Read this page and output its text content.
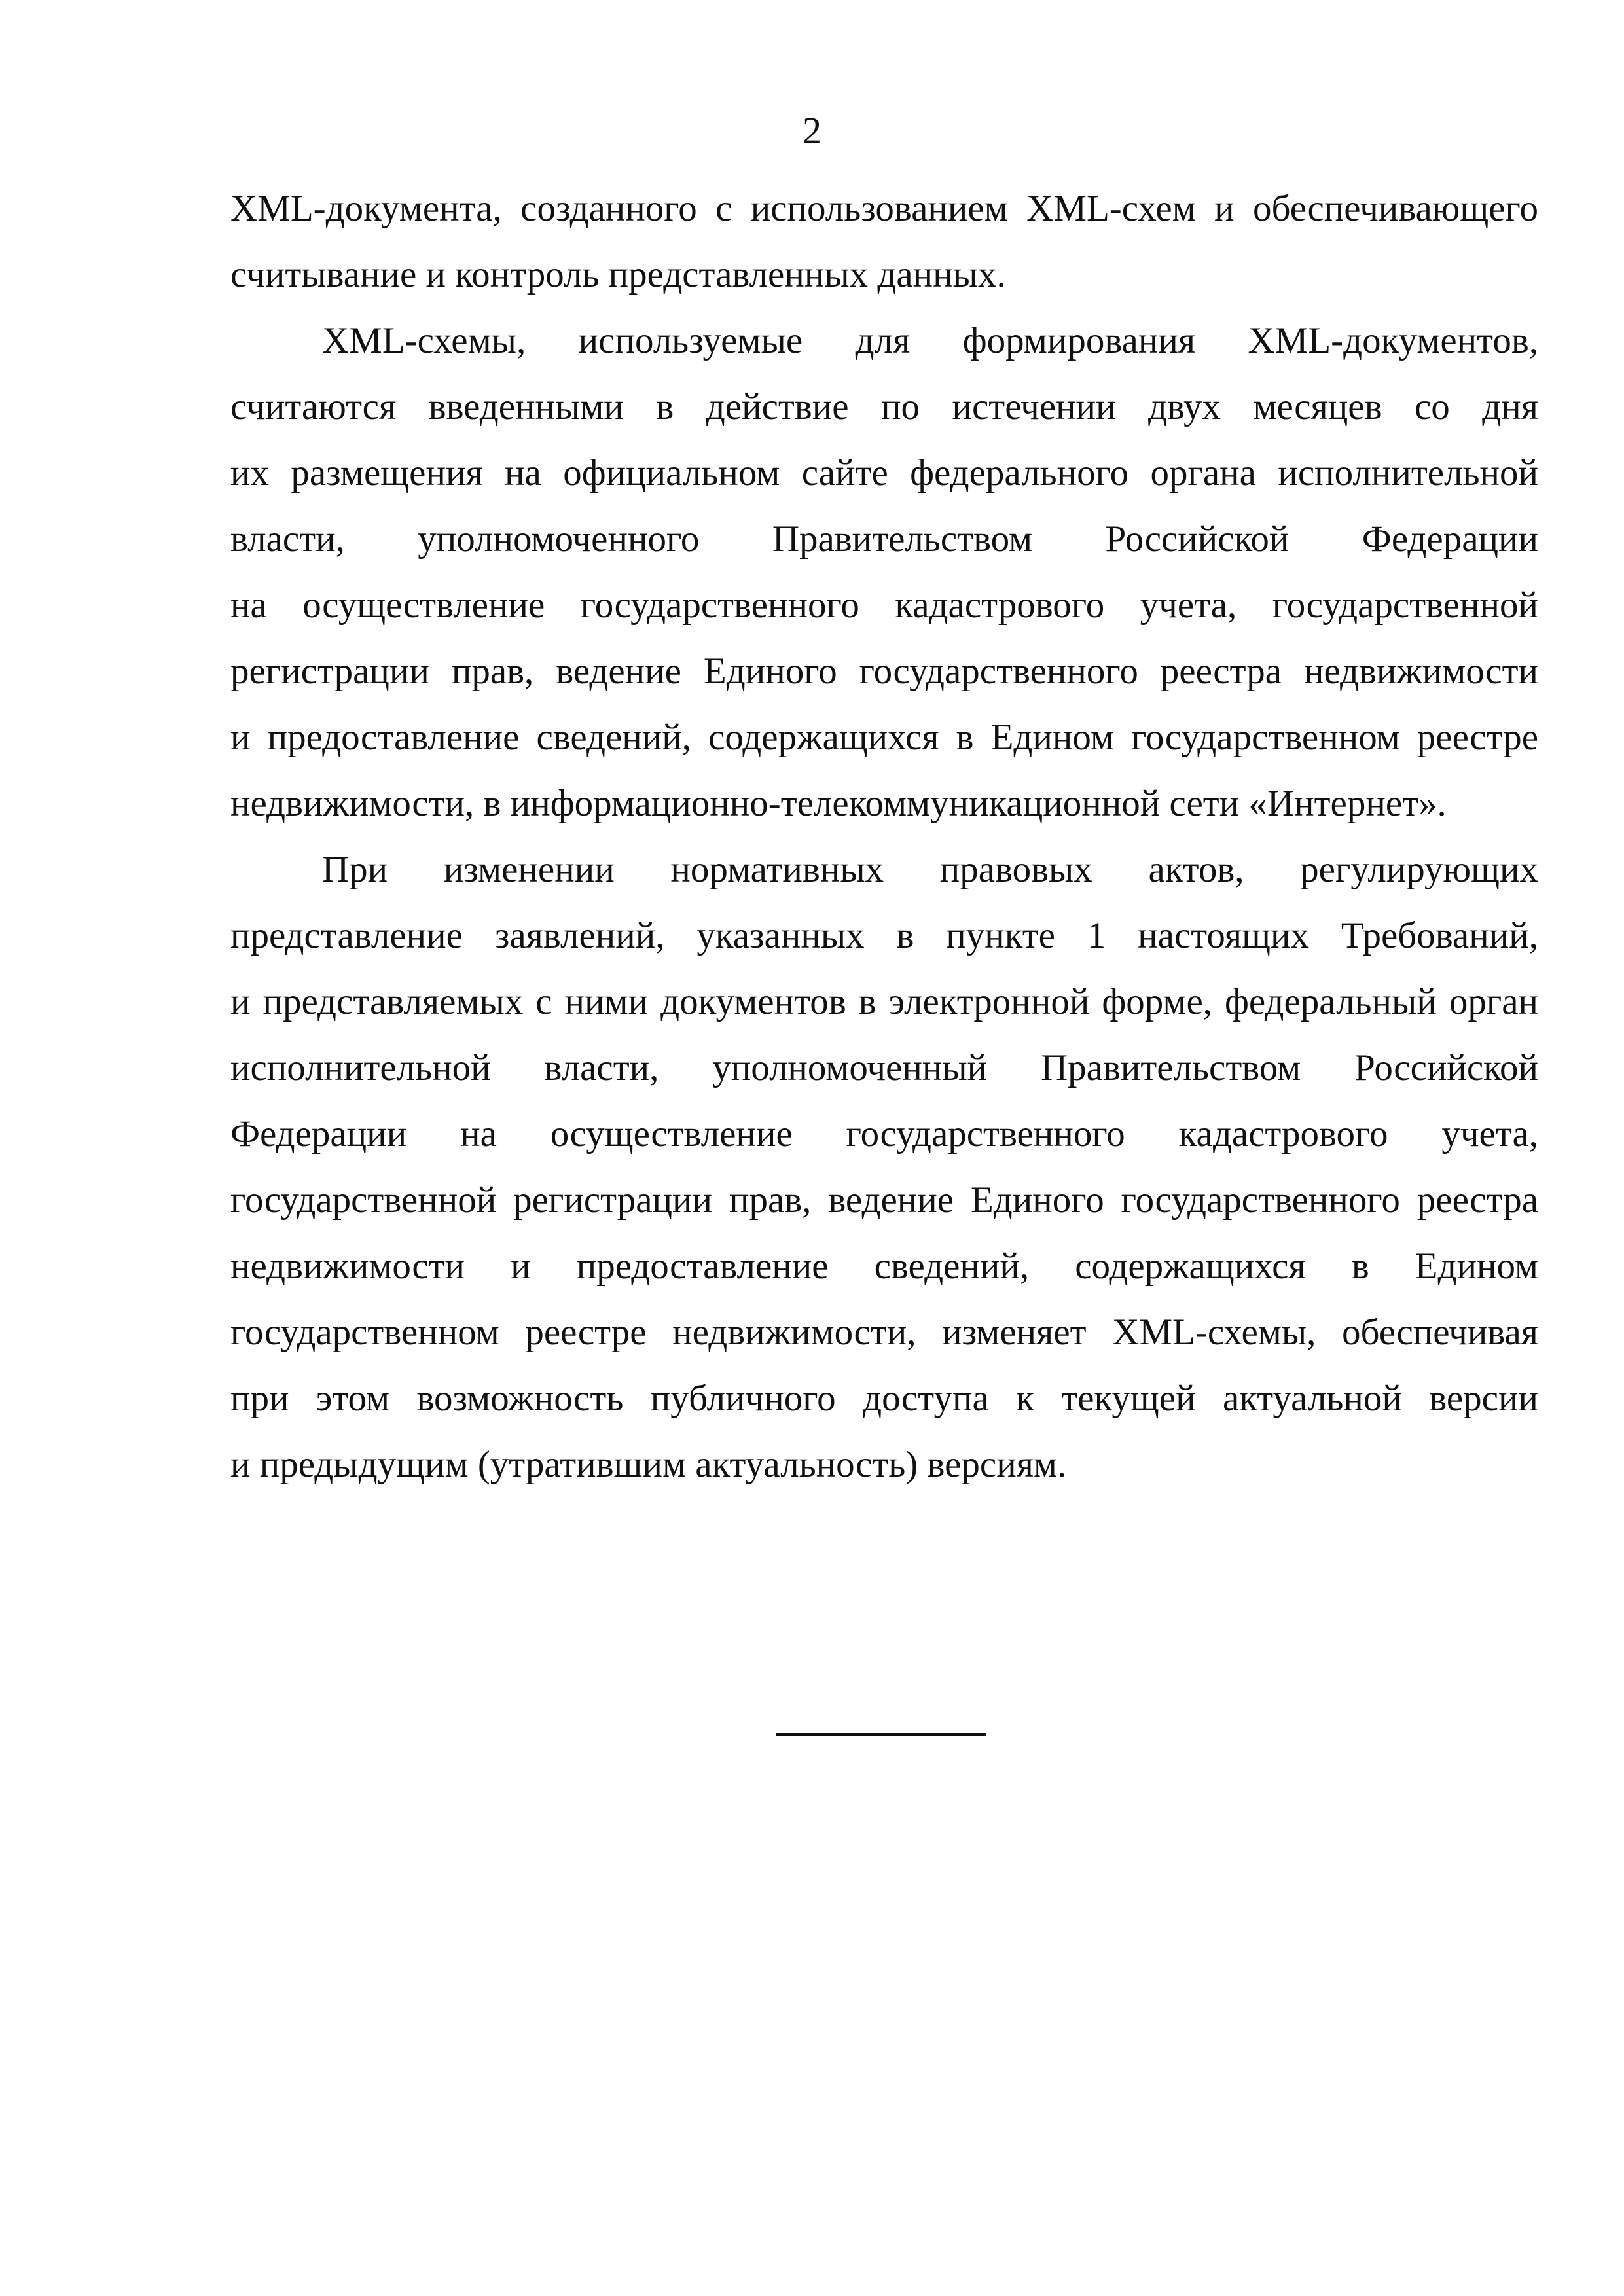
2
XML-документа, созданного с использованием XML-схем и обеспечивающего
считывание и контроль представленных данных.
XML-схемы, используемые для формирования XML-документов,
считаются введенными в действие по истечении двух месяцев со дня
их размещения на официальном сайте федерального органа исполнительной
власти, уполномоченного Правительством Российской Федерации
на осуществление государственного кадастрового учета, государственной
регистрации прав, ведение Единого государственного реестра недвижимости
и предоставление сведений, содержащихся в Едином государственном реестре
недвижимости, в информационно-телекоммуникационной сети «Интернет».
При изменении нормативных правовых актов, регулирующих
представление заявлений, указанных в пункте 1 настоящих Требований,
и представляемых с ними документов в электронной форме, федеральный орган
исполнительной власти, уполномоченный Правительством Российской
Федерации на осуществление государственного кадастрового учета,
государственной регистрации прав, ведение Единого государственного реестра
недвижимости и предоставление сведений, содержащихся в Едином
государственном реестре недвижимости, изменяет XML-схемы, обеспечивая
при этом возможность публичного доступа к текущей актуальной версии
и предыдущим (утратившим актуальность) версиям.
